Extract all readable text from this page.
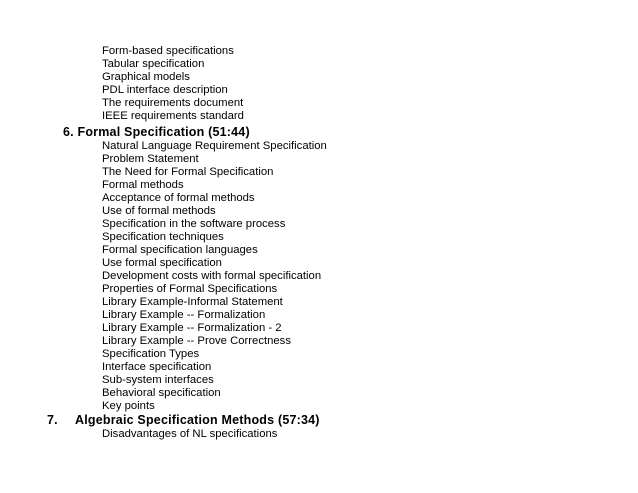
Form-based specifications
Tabular specification
Graphical models
PDL interface description
The requirements document
IEEE requirements standard
6. Formal Specification (51:44)
Natural Language Requirement Specification
Problem Statement
The Need for Formal Specification
Formal methods
Acceptance of formal methods
Use of formal methods
Specification in the software process
Specification techniques
Formal specification languages
Use formal specification
Development costs with formal specification
Properties of Formal Specifications
Library Example-Informal Statement
Library Example -- Formalization
Library Example -- Formalization - 2
Library Example -- Prove Correctness
Specification Types
Interface specification
Sub-system interfaces
Behavioral specification
Key points
7. Algebraic Specification Methods (57:34)
Disadvantages of NL specifications
